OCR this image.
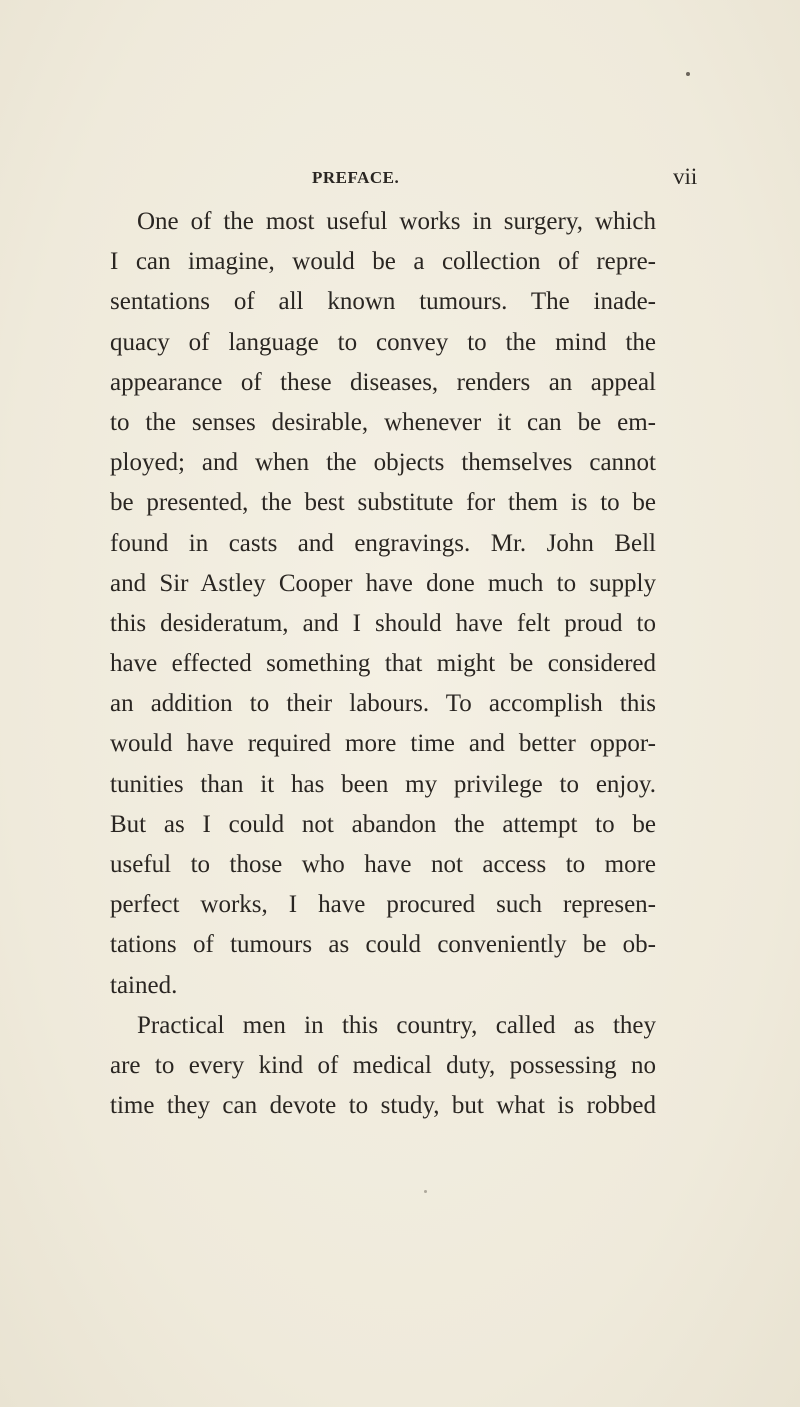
PREFACE.	vii
One of the most useful works in surgery, which
I can imagine, would be a collection of repre-
sentations of all known tumours. The inade-
quacy of language to convey to the mind the
appearance of these diseases, renders an appeal
to the senses desirable, whenever it can be em-
ployed; and when the objects themselves cannot
be presented, the best substitute for them is to be
found in casts and engravings. Mr. John Bell
and Sir Astley Cooper have done much to supply
this desideratum, and I should have felt proud to
have effected something that might be considered
an addition to their labours. To accomplish this
would have required more time and better oppor-
tunities than it has been my privilege to enjoy.
But as I could not abandon the attempt to be
useful to those who have not access to more
perfect works, I have procured such represen-
tations of tumours as could conveniently be ob-
tained.
Practical men in this country, called as they
are to every kind of medical duty, possessing no
time they can devote to study, but what is robbed
